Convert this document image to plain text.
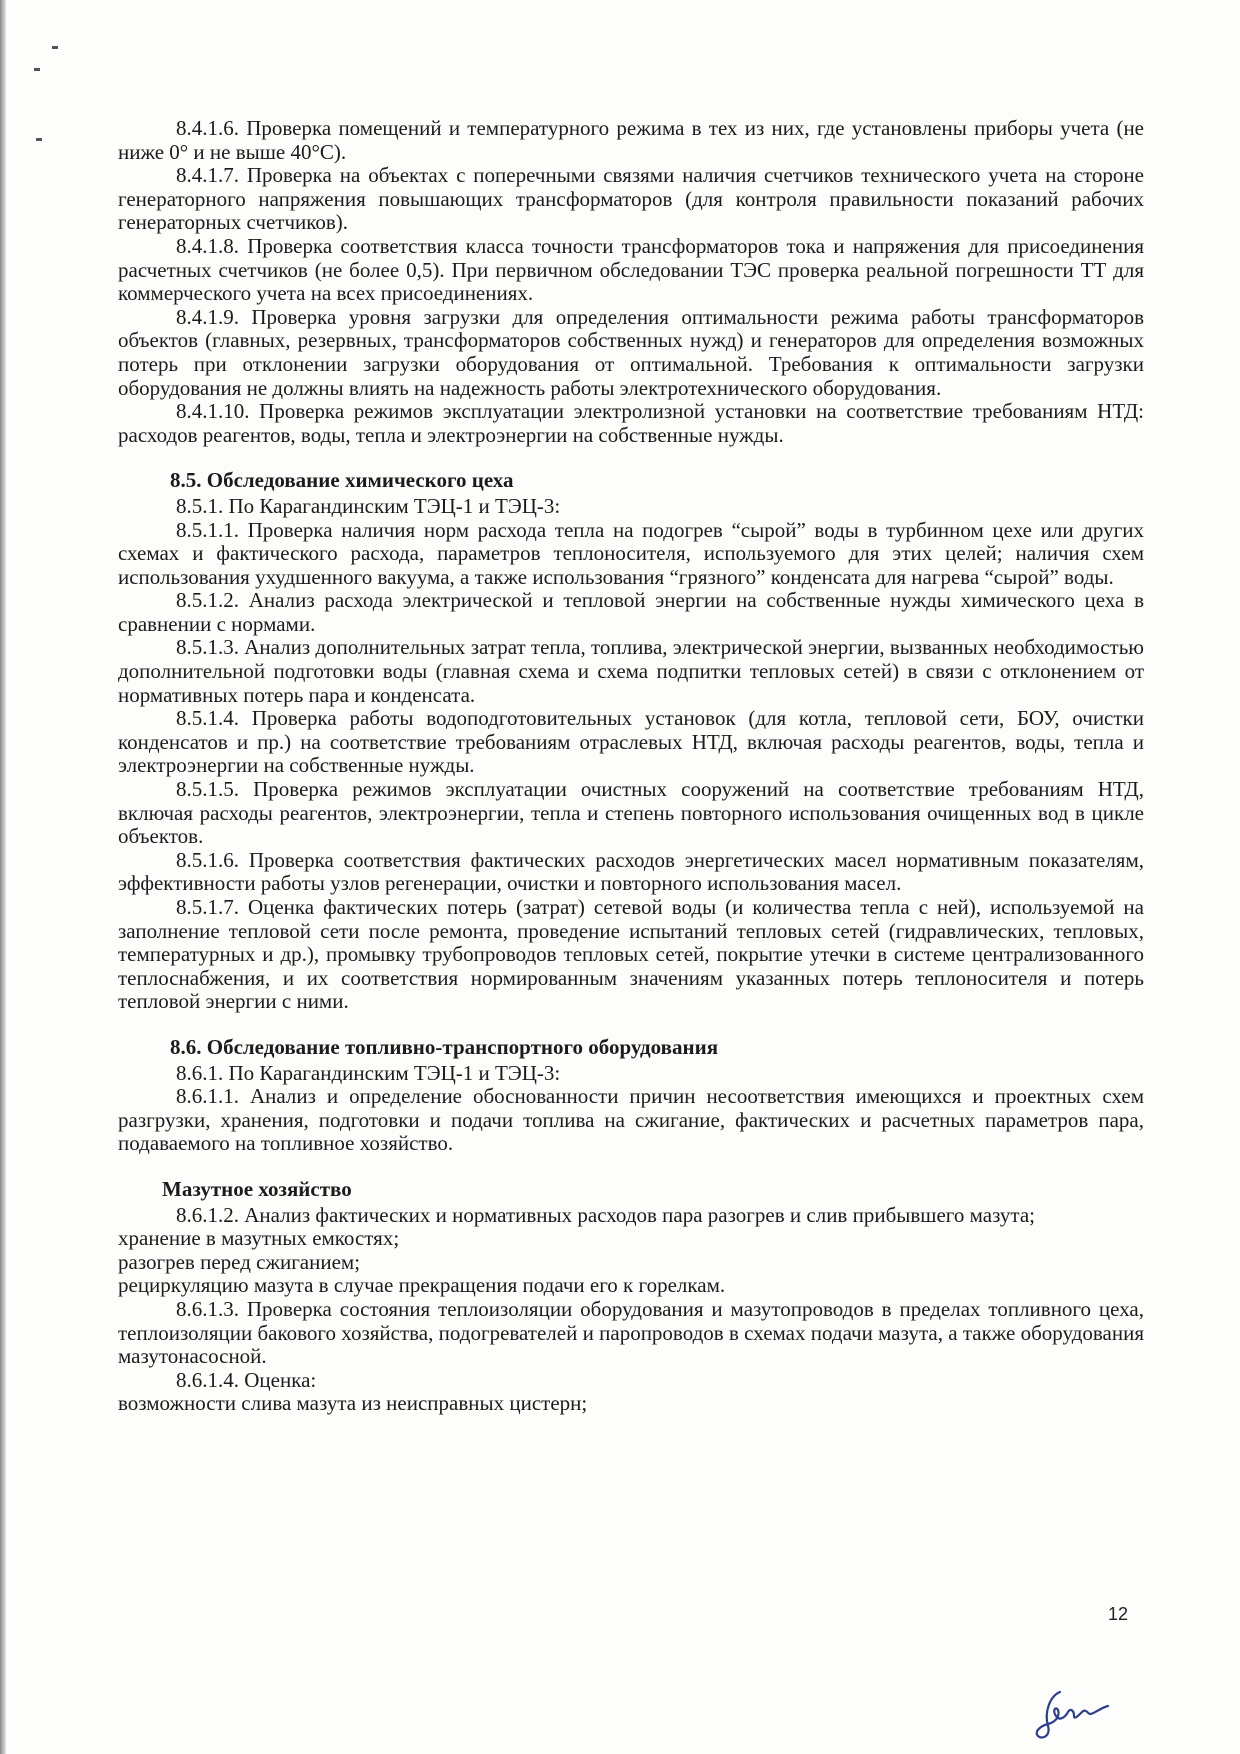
8.4.1.6. Проверка помещений и температурного режима в тех из них, где установлены приборы учета (не ниже 0° и не выше 40°С).

8.4.1.7. Проверка на объектах с поперечными связями наличия счетчиков технического учета на стороне генераторного напряжения повышающих трансформаторов (для контроля правильности показаний рабочих генераторных счетчиков).

8.4.1.8. Проверка соответствия класса точности трансформаторов тока и напряжения для присоединения расчетных счетчиков (не более 0,5). При первичном обследовании ТЭС проверка реальной погрешности ТТ для коммерческого учета на всех присоединениях.

8.4.1.9. Проверка уровня загрузки для определения оптимальности режима работы трансформаторов объектов (главных, резервных, трансформаторов собственных нужд) и генераторов для определения возможных потерь при отклонении загрузки оборудования от оптимальной. Требования к оптимальности загрузки оборудования не должны влиять на надежность работы электротехнического оборудования.

8.4.1.10. Проверка режимов эксплуатации электролизной установки на соответствие требованиям НТД: расходов реагентов, воды, тепла и электроэнергии на собственные нужды.

8.5. Обследование химического цеха

8.5.1. По Карагандинским ТЭЦ-1 и ТЭЦ-3:

8.5.1.1. Проверка наличия норм расхода тепла на подогрев “сырой” воды в турбинном цехе или других схемах и фактического расхода, параметров теплоносителя, используемого для этих целей; наличия схем использования ухудшенного вакуума, а также использования “грязного” конденсата для нагрева “сырой” воды.

8.5.1.2. Анализ расхода электрической и тепловой энергии на собственные нужды химического цеха в сравнении с нормами.

8.5.1.3. Анализ дополнительных затрат тепла, топлива, электрической энергии, вызванных необходимостью дополнительной подготовки воды (главная схема и схема подпитки тепловых сетей) в связи с отклонением от нормативных потерь пара и конденсата.

8.5.1.4. Проверка работы водоподготовительных установок (для котла, тепловой сети, БОУ, очистки конденсатов и пр.) на соответствие требованиям отраслевых НТД, включая расходы реагентов, воды, тепла и электроэнергии на собственные нужды.

8.5.1.5. Проверка режимов эксплуатации очистных сооружений на соответствие требованиям НТД, включая расходы реагентов, электроэнергии, тепла и степень повторного использования очищенных вод в цикле объектов.

8.5.1.6. Проверка соответствия фактических расходов энергетических масел нормативным показателям, эффективности работы узлов регенерации, очистки и повторного использования масел.

8.5.1.7. Оценка фактических потерь (затрат) сетевой воды (и количества тепла с ней), используемой на заполнение тепловой сети после ремонта, проведение испытаний тепловых сетей (гидравлических, тепловых, температурных и др.), промывку трубопроводов тепловых сетей, покрытие утечки в системе централизованного теплоснабжения, и их соответствия нормированным значениям указанных потерь теплоносителя и потерь тепловой энергии с ними.

8.6. Обследование топливно-транспортного оборудования

8.6.1. По Карагандинским ТЭЦ-1 и ТЭЦ-3:

8.6.1.1. Анализ и определение обоснованности причин несоответствия имеющихся и проектных схем разгрузки, хранения, подготовки и подачи топлива на сжигание, фактических и расчетных параметров пара, подаваемого на топливное хозяйство.

Мазутное хозяйство

8.6.1.2. Анализ фактических и нормативных расходов пара разогрев и слив прибывшего мазута;

хранение в мазутных емкостях;

разогрев перед сжиганием;

рециркуляцию мазута в случае прекращения подачи его к горелкам.

8.6.1.3. Проверка состояния теплоизоляции оборудования и мазутопроводов в пределах топливного цеха, теплоизоляции бакового хозяйства, подогревателей и паропроводов в схемах подачи мазута, а также оборудования мазутонасосной.

8.6.1.4. Оценка:

возможности слива мазута из неисправных цистерн;

12
